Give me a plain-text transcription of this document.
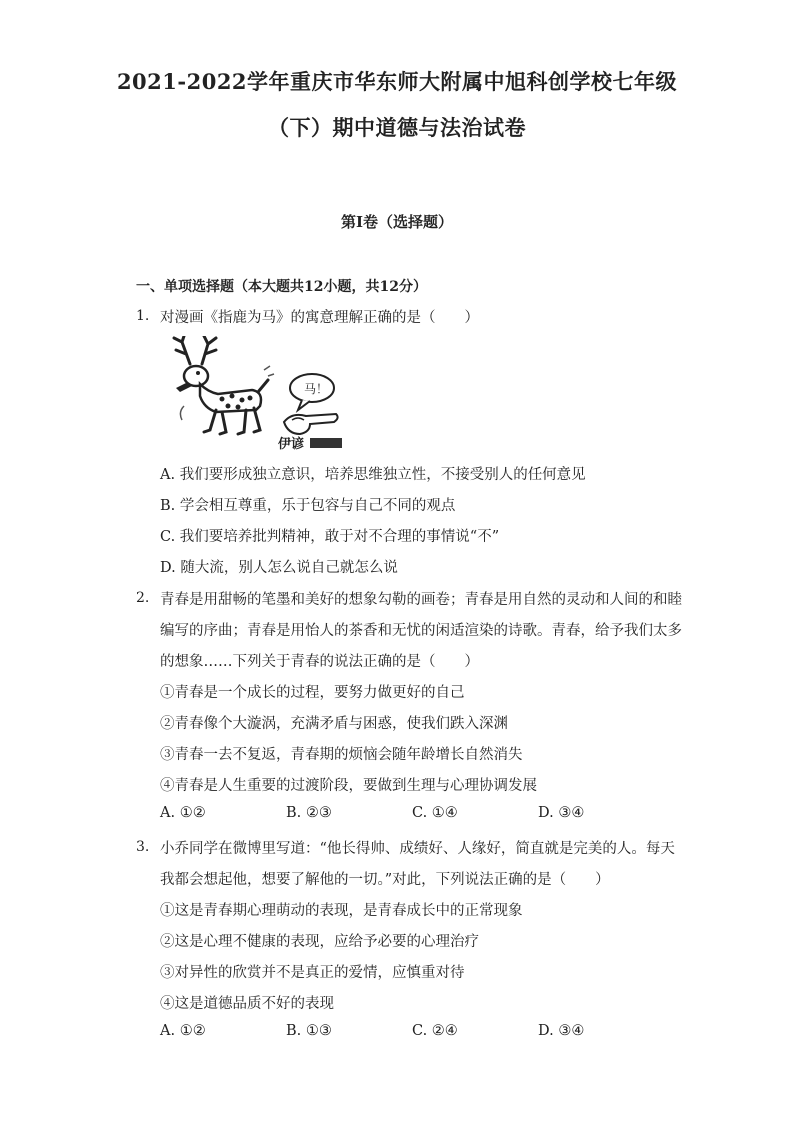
2021-2022学年重庆市华东师大附属中旭科创学校七年级
（下）期中道德与法治试卷
第Ⅰ卷（选择题）
一、单项选择题（本大题共12小题，共12分）
1. 对漫画《指鹿为马》的寓意理解正确的是（　　）
马！
伊谚
A. 我们要形成独立意识，培养思维独立性，不接受别人的任何意见
B. 学会相互尊重，乐于包容与自己不同的观点
C. 我们要培养批判精神，敢于对不合理的事情说“不”
D. 随大流，别人怎么说自己就怎么说
2. 青春是用甜畅的笔墨和美好的想象勾勒的画卷；青春是用自然的灵动和人间的和睦
编写的序曲；青春是用怡人的茶香和无忧的闲适渲染的诗歌。青春，给予我们太多
的想象……下列关于青春的说法正确的是（　　）
①青春是一个成长的过程，要努力做更好的自己
②青春像个大漩涡，充满矛盾与困惑，使我们跌入深渊
③青春一去不复返，青春期的烦恼会随年龄增长自然消失
④青春是人生重要的过渡阶段，要做到生理与心理协调发展
A. ①②	B. ②③	C. ①④	D. ③④
3. 小乔同学在微博里写道：“他长得帅、成绩好、人缘好，简直就是完美的人。每天
我都会想起他，想要了解他的一切。”对此，下列说法正确的是（　　）
①这是青春期心理萌动的表现，是青春成长中的正常现象
②这是心理不健康的表现，应给予必要的心理治疗
③对异性的欣赏并不是真正的爱情，应慎重对待
④这是道德品质不好的表现
A. ①②	B. ①③	C. ②④	D. ③④
